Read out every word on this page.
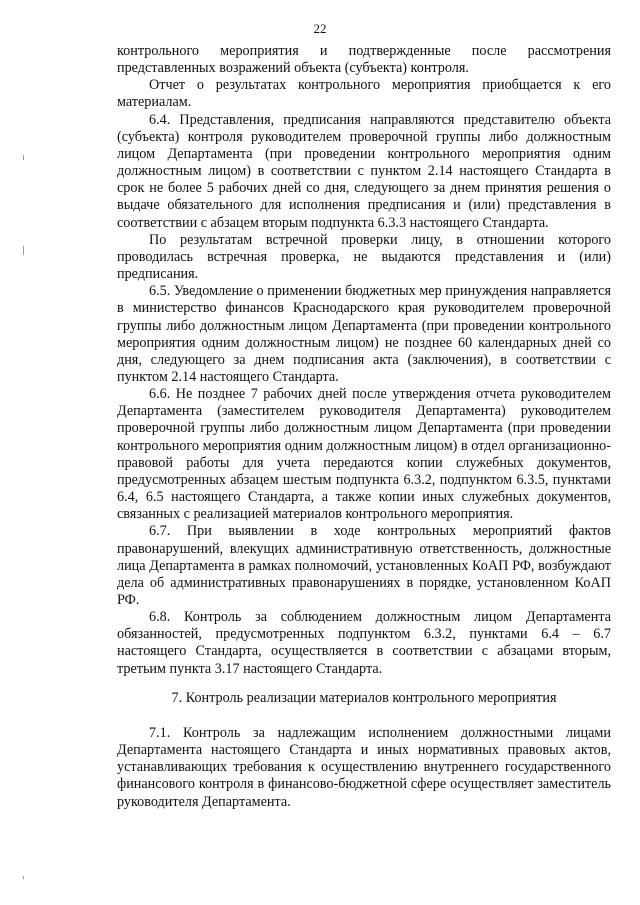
22

контрольного мероприятия и подтвержденные после рассмотрения представленных возражений объекта (субъекта) контроля.

Отчет о результатах контрольного мероприятия приобщается к его материалам.

6.4. Представления, предписания направляются представителю объекта (субъекта) контроля руководителем проверочной группы либо должностным лицом Департамента (при проведении контрольного мероприятия одним должностным лицом) в соответствии с пунктом 2.14 настоящего Стандарта в срок не более 5 рабочих дней со дня, следующего за днем принятия решения о выдаче обязательного для исполнения предписания и (или) представления в соответствии с абзацем вторым подпункта 6.3.3 настоящего Стандарта.

По результатам встречной проверки лицу, в отношении которого проводилась встречная проверка, не выдаются представления и (или) предписания.

6.5. Уведомление о применении бюджетных мер принуждения направляется в министерство финансов Краснодарского края руководителем проверочной группы либо должностным лицом Департамента (при проведении контрольного мероприятия одним должностным лицом) не позднее 60 календарных дней со дня, следующего за днем подписания акта (заключения), в соответствии с пунктом 2.14 настоящего Стандарта.

6.6. Не позднее 7 рабочих дней после утверждения отчета руководителем Департамента (заместителем руководителя Департамента) руководителем проверочной группы либо должностным лицом Департамента (при проведении контрольного мероприятия одним должностным лицом) в отдел организационно-правовой работы для учета передаются копии служебных документов, предусмотренных абзацем шестым подпункта 6.3.2, подпунктом 6.3.5, пунктами 6.4, 6.5 настоящего Стандарта, а также копии иных служебных документов, связанных с реализацией материалов контрольного мероприятия.

6.7. При выявлении в ходе контрольных мероприятий фактов правонарушений, влекущих административную ответственность, должностные лица Департамента в рамках полномочий, установленных КоАП РФ, возбуждают дела об административных правонарушениях в порядке, установленном КоАП РФ.

6.8. Контроль за соблюдением должностным лицом Департамента обязанностей, предусмотренных подпунктом 6.3.2, пунктами 6.4 – 6.7 настоящего Стандарта, осуществляется в соответствии с абзацами вторым, третьим пункта 3.17 настоящего Стандарта.

7. Контроль реализации материалов контрольного мероприятия

7.1. Контроль за надлежащим исполнением должностными лицами Департамента настоящего Стандарта и иных нормативных правовых актов, устанавливающих требования к осуществлению внутреннего государственного финансового контроля в финансово-бюджетной сфере осуществляет заместитель руководителя Департамента.
